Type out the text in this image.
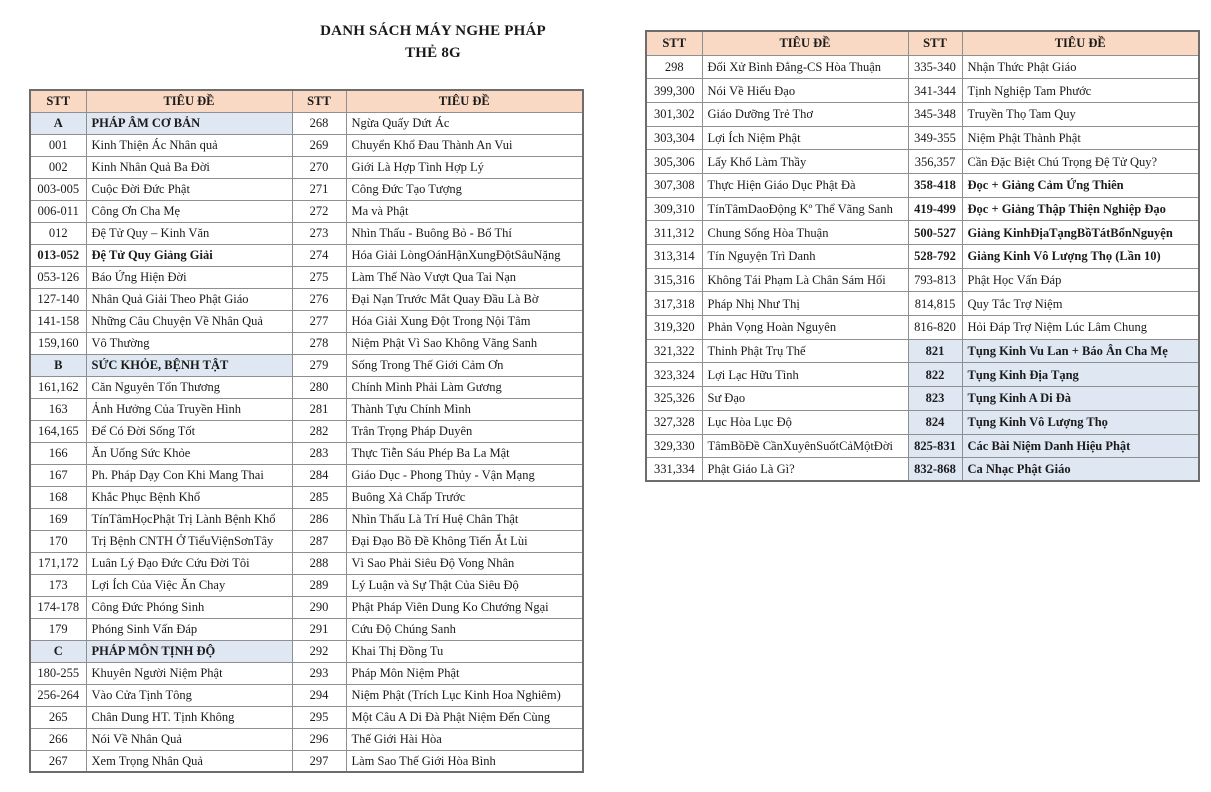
DANH SÁCH MÁY NGHE PHÁP
THẺ 8G
STT	TIÊU ĐỀ	STT	TIÊU ĐỀ
A	PHÁP ÂM CƠ BẢN	268	Ngừa Quấy Dứt Ác
001	Kinh Thiện Ác Nhân quả	269	Chuyển Khổ Đau Thành An Vui
002	Kinh Nhân Quả Ba Đời	270	Giới Là Hợp Tình Hợp Lý
003-005	Cuộc Đời Đức Phật	271	Công Đức Tạo Tượng
006-011	Công Ơn Cha Mẹ	272	Ma và Phật
012	Đệ Tử Quy – Kinh Văn	273	Nhìn Thấu - Buông Bỏ - Bố Thí
013-052	Đệ Tử Quy Giảng Giải	274	Hóa Giải LòngOánHậnXungĐộtSâuNặng
053-126	Báo Ứng Hiện Đời	275	Làm Thế Nào Vượt Qua Tai Nạn
127-140	Nhân Quả Giải Theo Phật Giáo	276	Đại Nạn Trước Mắt Quay Đầu Là Bờ
141-158	Những Câu Chuyện Về Nhân Quả	277	Hóa Giải Xung Đột Trong Nội Tâm
159,160	Vô Thường	278	Niệm Phật Vì Sao Không Vãng Sanh
B	SỨC KHỎE, BỆNH TẬT	279	Sống Trong Thế Giới Cảm Ơn
161,162	Căn Nguyên Tổn Thương	280	Chính Mình Phải Làm Gương
163	Ảnh Hưởng Của Truyền Hình	281	Thành Tựu Chính Mình
164,165	Để Có Đời Sống Tốt	282	Trân Trọng Pháp Duyên
166	Ăn Uống Sức Khỏe	283	Thực Tiễn Sáu Phép Ba La Mật
167	Ph. Pháp Dạy Con Khi Mang Thai	284	Giáo Dục - Phong Thủy - Vận Mạng
168	Khắc Phục Bệnh Khổ	285	Buông Xả Chấp Trước
169	TínTâmHọcPhật Trị Lành Bệnh Khổ	286	Nhìn Thấu Là Trí Huệ Chân Thật
170	Trị Bệnh CNTH Ở TiểuViệnSơnTây	287	Đại Đạo Bồ Đề Không Tiến Ắt Lùi
171,172	Luân Lý Đạo Đức Cứu Đời Tôi	288	Vì Sao Phải Siêu Độ Vong Nhân
173	Lợi Ích Của Việc Ăn Chay	289	Lý Luận và Sự Thật Của Siêu Độ
174-178	Công Đức Phóng Sinh	290	Phật Pháp Viên Dung Ko Chướng Ngại
179	Phóng Sinh Vấn Đáp	291	Cứu Độ Chúng Sanh
C	PHÁP MÔN TỊNH ĐỘ	292	Khai Thị Đồng Tu
180-255	Khuyên Người Niệm Phật	293	Pháp Môn Niệm Phật
256-264	Vào Cửa Tịnh Tông	294	Niệm Phật (Trích Lục Kinh Hoa Nghiêm)
265	Chân Dung HT. Tịnh Không	295	Một Câu A Di Đà Phật Niệm Đến Cùng
266	Nói Về Nhân Quả	296	Thế Giới Hài Hòa
267	Xem Trọng Nhân Quả	297	Làm Sao Thế Giới Hòa Bình
STT	TIÊU ĐỀ	STT	TIÊU ĐỀ
298	Đối Xử Bình Đẳng-CS Hòa Thuận	335-340	Nhận Thức Phật Giáo
399,300	Nói Về Hiếu Đạo	341-344	Tịnh Nghiệp Tam Phước
301,302	Giáo Dưỡng Trẻ Thơ	345-348	Truyền Thọ Tam Quy
303,304	Lợi Ích Niệm Phật	349-355	Niệm Phật Thành Phật
305,306	Lấy Khổ Làm Thầy	356,357	Cần Đặc Biệt Chú Trọng Đệ Tử Quy?
307,308	Thực Hiện Giáo Dục Phật Đà	358-418	Đọc + Giảng Cảm Ứng Thiên
309,310	TínTâmDaoĐộng Kº Thể Vãng Sanh	419-499	Đọc + Giảng Thập Thiện Nghiệp Đạo
311,312	Chung Sống Hòa Thuận	500-527	Giảng KinhĐịaTạngBồTátBổnNguyện
313,314	Tín Nguyện Trì Danh	528-792	Giảng Kinh Vô Lượng Thọ (Lần 10)
315,316	Không Tái Phạm Là Chân Sám Hối	793-813	Phật Học Vấn Đáp
317,318	Pháp Nhị Như Thị	814,815	Quy Tắc Trợ Niệm
319,320	Phản Vọng Hoàn Nguyên	816-820	Hỏi Đáp Trợ Niệm Lúc Lâm Chung
321,322	Thỉnh Phật Trụ Thế	821	Tụng Kinh Vu Lan + Báo Ân Cha Mẹ
323,324	Lợi Lạc Hữu Tình	822	Tụng Kinh Địa Tạng
325,326	Sư Đạo	823	Tụng Kinh A Di Đà
327,328	Lục Hòa Lục Độ	824	Tụng Kinh Vô Lượng Thọ
329,330	TâmBồĐề CầnXuyênSuốtCảMộtĐời	825-831	Các Bài Niệm Danh Hiệu Phật
331,334	Phật Giáo Là Gì?	832-868	Ca Nhạc Phật Giáo
